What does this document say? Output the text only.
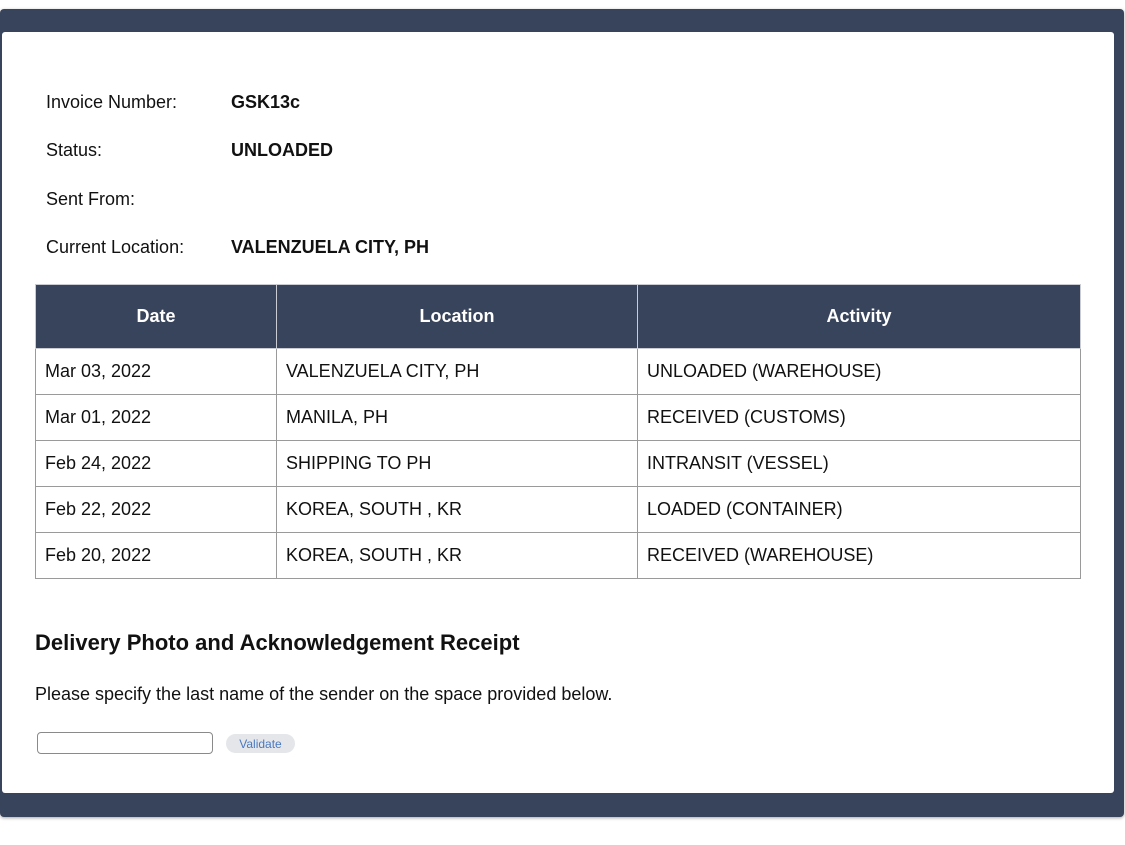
Invoice Number:	GSK13c
Status:	UNLOADED
Sent From:
Current Location:	VALENZUELA CITY, PH
Date	Location	Activity
Mar 03, 2022	VALENZUELA CITY, PH	UNLOADED (WAREHOUSE)
Mar 01, 2022	MANILA, PH	RECEIVED (CUSTOMS)
Feb 24, 2022	SHIPPING TO PH	INTRANSIT (VESSEL)
Feb 22, 2022	KOREA, SOUTH , KR	LOADED (CONTAINER)
Feb 20, 2022	KOREA, SOUTH , KR	RECEIVED (WAREHOUSE)
Delivery Photo and Acknowledgement Receipt

Please specify the last name of the sender on the space provided below.

Validate
